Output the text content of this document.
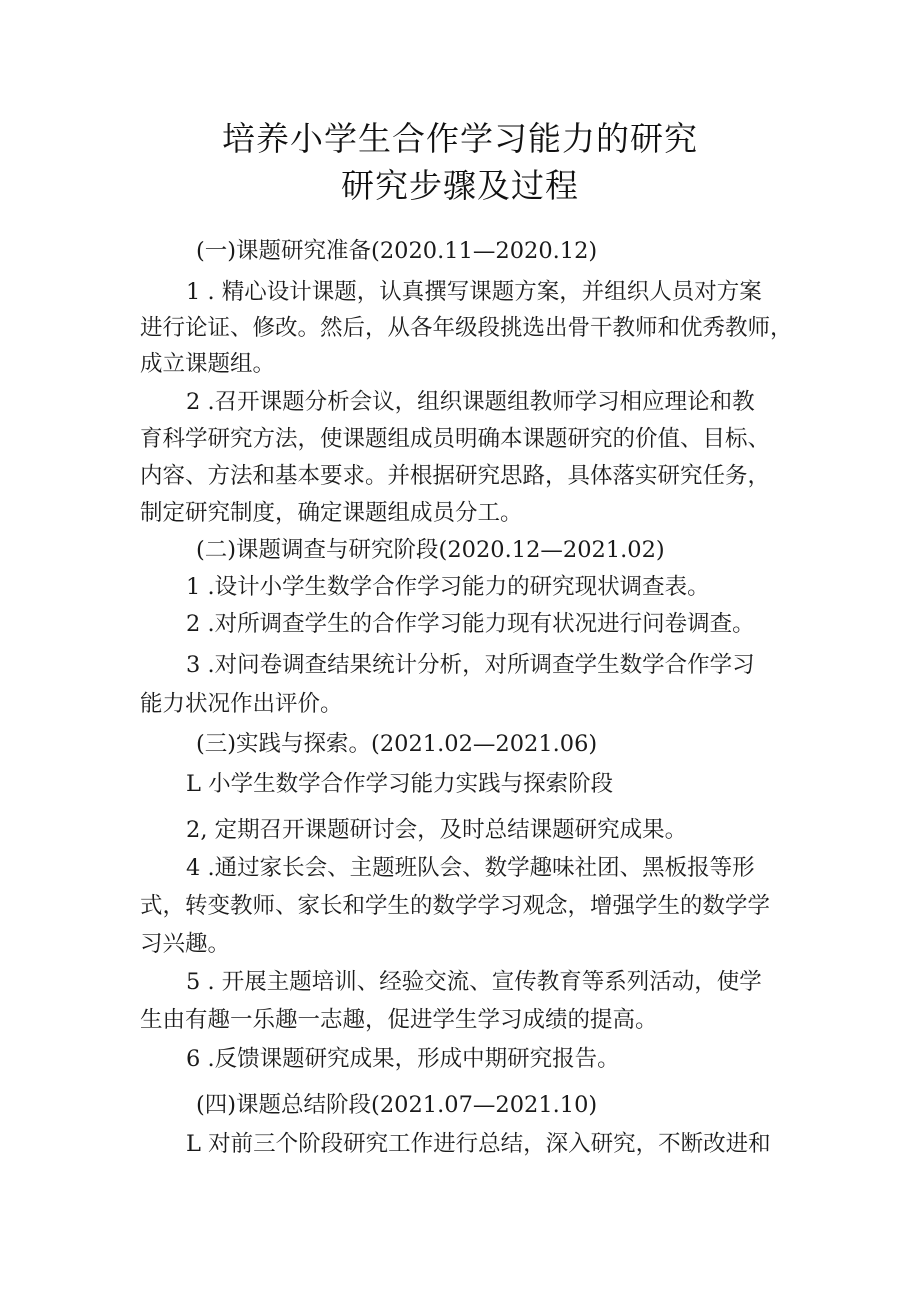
培养小学生合作学习能力的研究
研究步骤及过程
(一)课题研究准备(2020.11—2020.12)
1 . 精心设计课题，认真撰写课题方案，并组织人员对方案
进行论证、修改。然后，从各年级段挑选出骨干教师和优秀教师，
成立课题组。
2 .召开课题分析会议，组织课题组教师学习相应理论和教
育科学研究方法，使课题组成员明确本课题研究的价值、目标、
内容、方法和基本要求。并根据研究思路，具体落实研究任务，
制定研究制度，确定课题组成员分工。
(二)课题调查与研究阶段(2020.12—2021.02)
1 .设计小学生数学合作学习能力的研究现状调查表。
2 .对所调查学生的合作学习能力现有状况进行问卷调查。
3 .对问卷调查结果统计分析，对所调查学生数学合作学习
能力状况作出评价。
(三)实践与探索。(2021.02—2021.06)
L 小学生数学合作学习能力实践与探索阶段
2, 定期召开课题研讨会，及时总结课题研究成果。
4 .通过家长会、主题班队会、数学趣味社团、黑板报等形
式，转变教师、家长和学生的数学学习观念，增强学生的数学学
习兴趣。
5 . 开展主题培训、经验交流、宣传教育等系列活动，使学
生由有趣一乐趣一志趣，促进学生学习成绩的提高。
6 .反馈课题研究成果，形成中期研究报告。
(四)课题总结阶段(2021.07—2021.10)
L 对前三个阶段研究工作进行总结，深入研究，不断改进和
